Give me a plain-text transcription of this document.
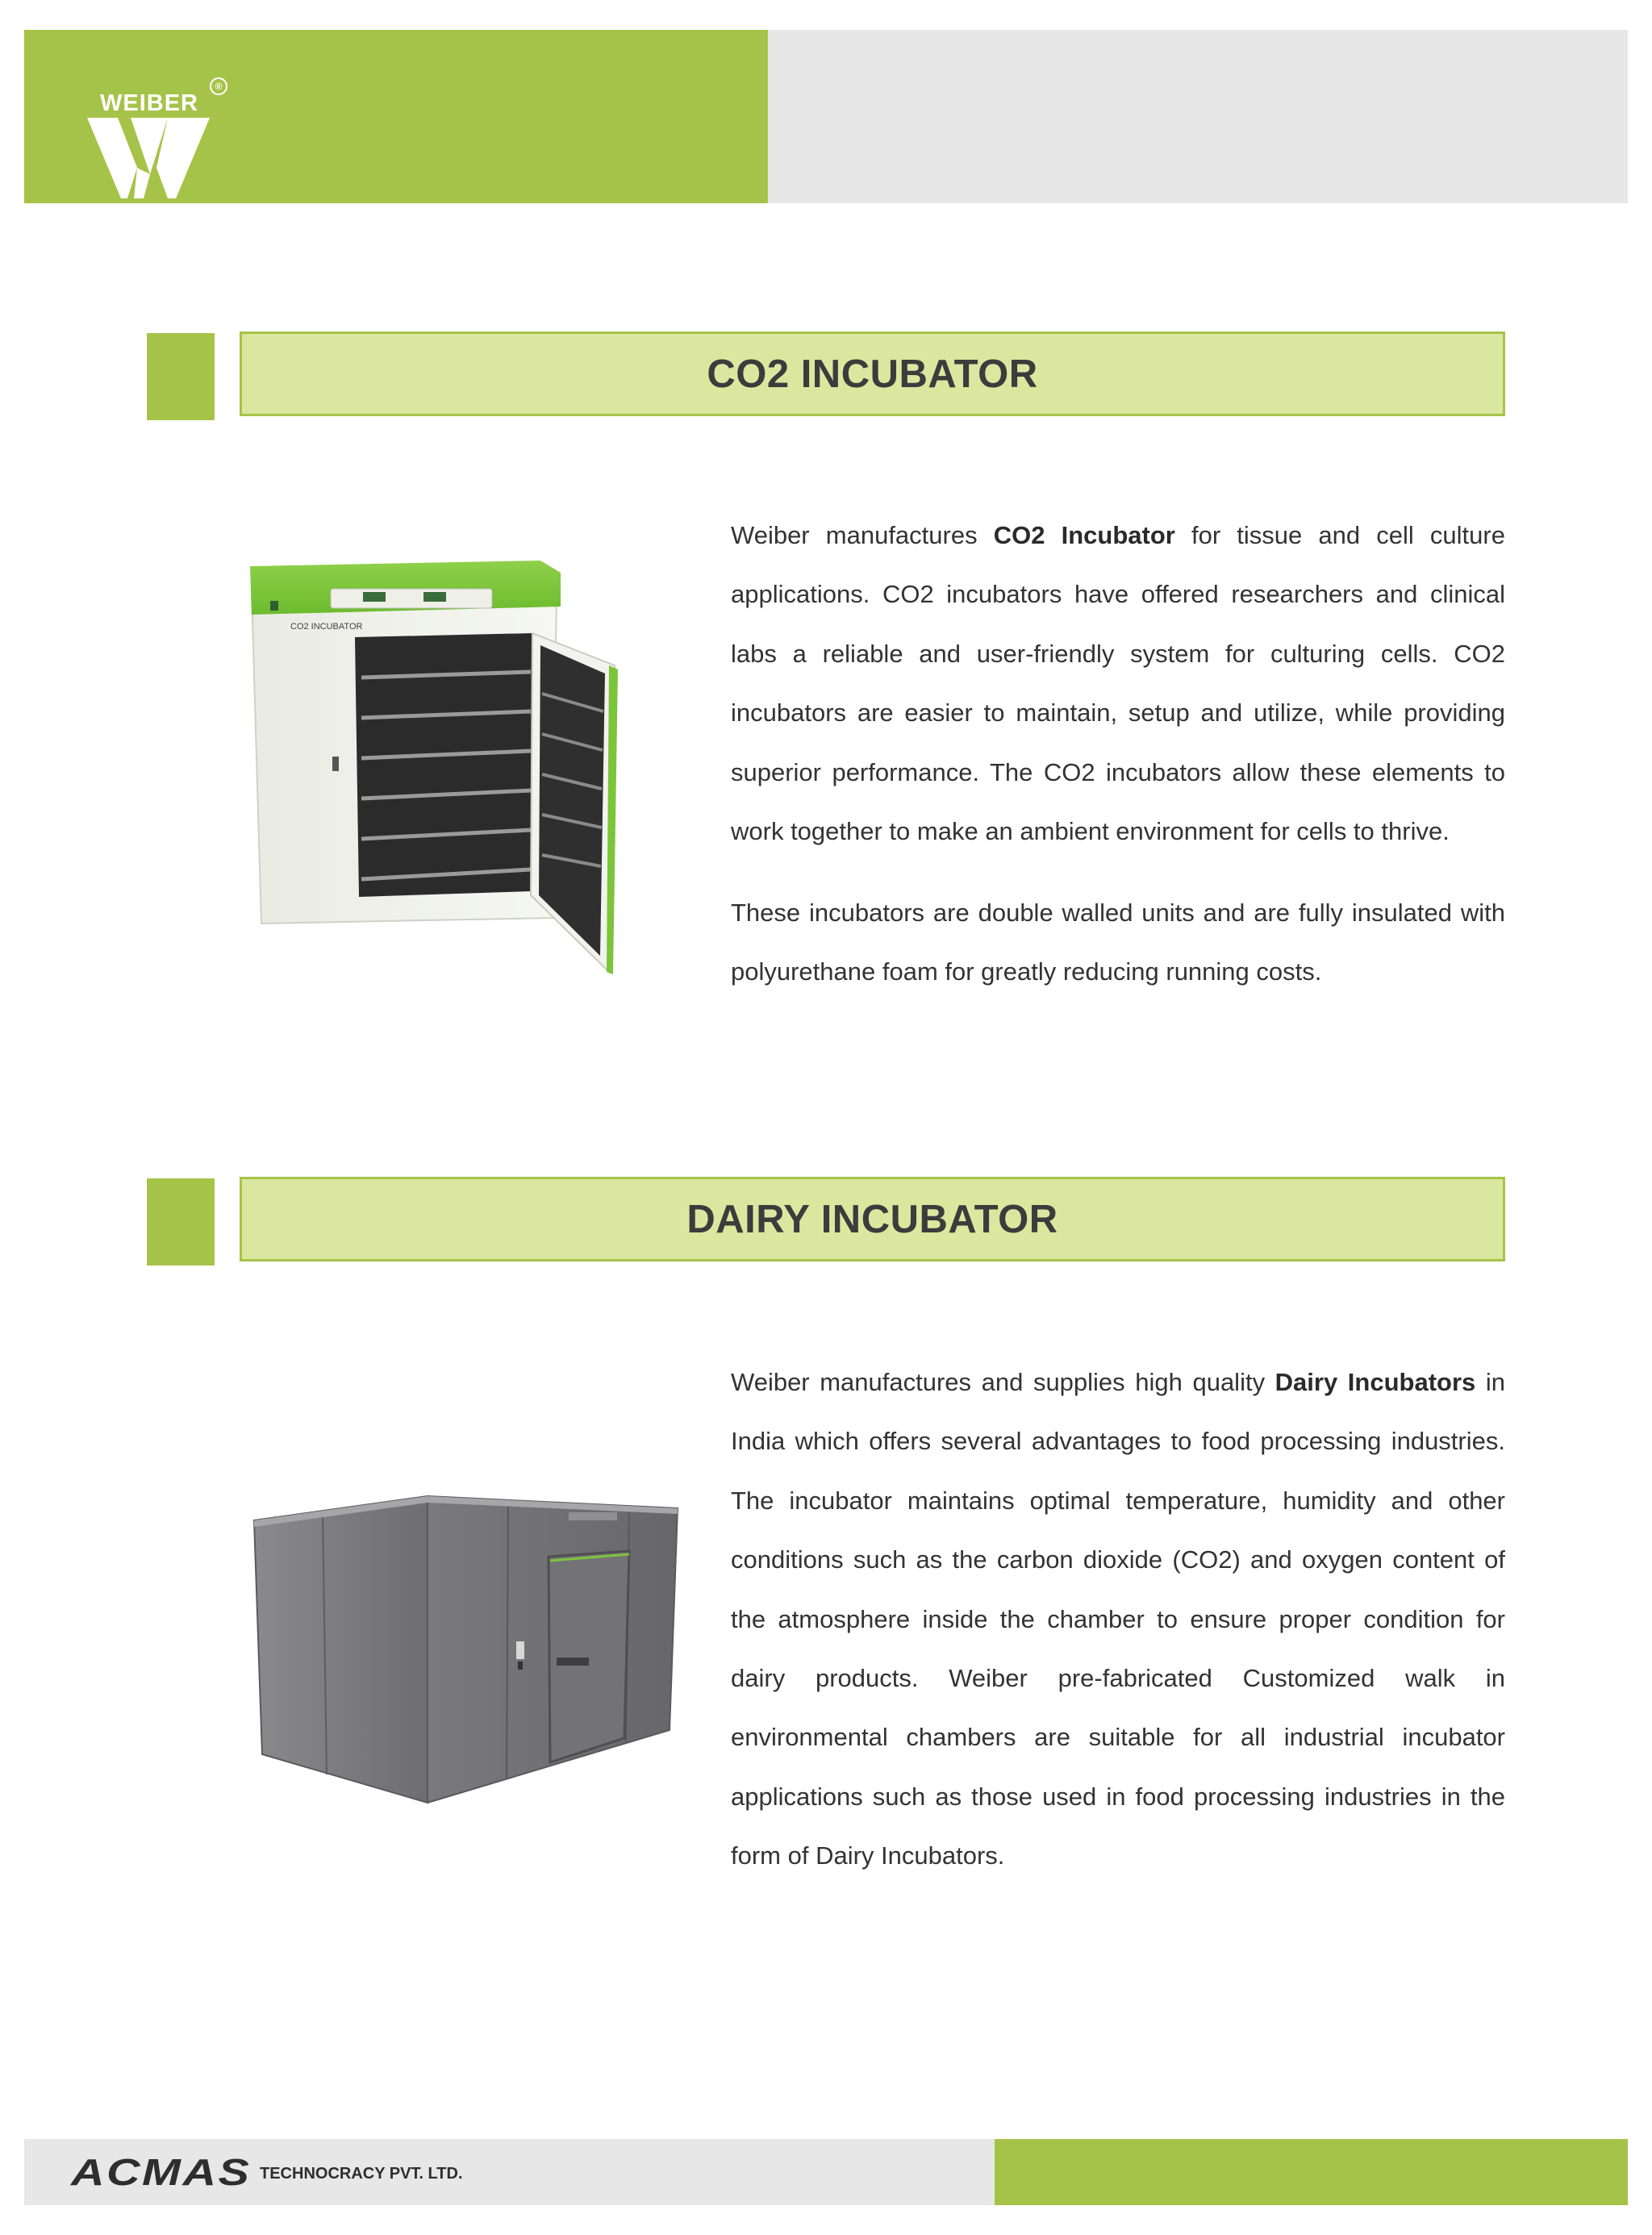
WEIBER
®
CO2 INCUBATOR
CO2 INCUBATOR

Weiber manufactures CO2 Incubator for tissue and cell culture applications. CO2 incubators have offered researchers and clinical labs a reliable and user-friendly system for culturing cells. CO2 incubators are easier to maintain, setup and utilize, while providing superior performance. The CO2 incubators allow these elements to work together to make an ambient environment for cells to thrive.

These incubators are double walled units and are fully insulated with polyurethane foam for greatly reducing running costs.

DAIRY INCUBATOR

Weiber manufactures and supplies high quality Dairy Incubators in India which offers several advantages to food processing industries. The incubator maintains optimal temperature, humidity and other conditions such as the carbon dioxide (CO2) and oxygen content of the atmosphere inside the chamber to ensure proper condition for dairy products. Weiber pre-fabricated Customized walk in environmental chambers are suitable for all industrial incubator applications such as those used in food processing industries in the form of Dairy Incubators.

ACMAS TECHNOCRACY PVT. LTD.
